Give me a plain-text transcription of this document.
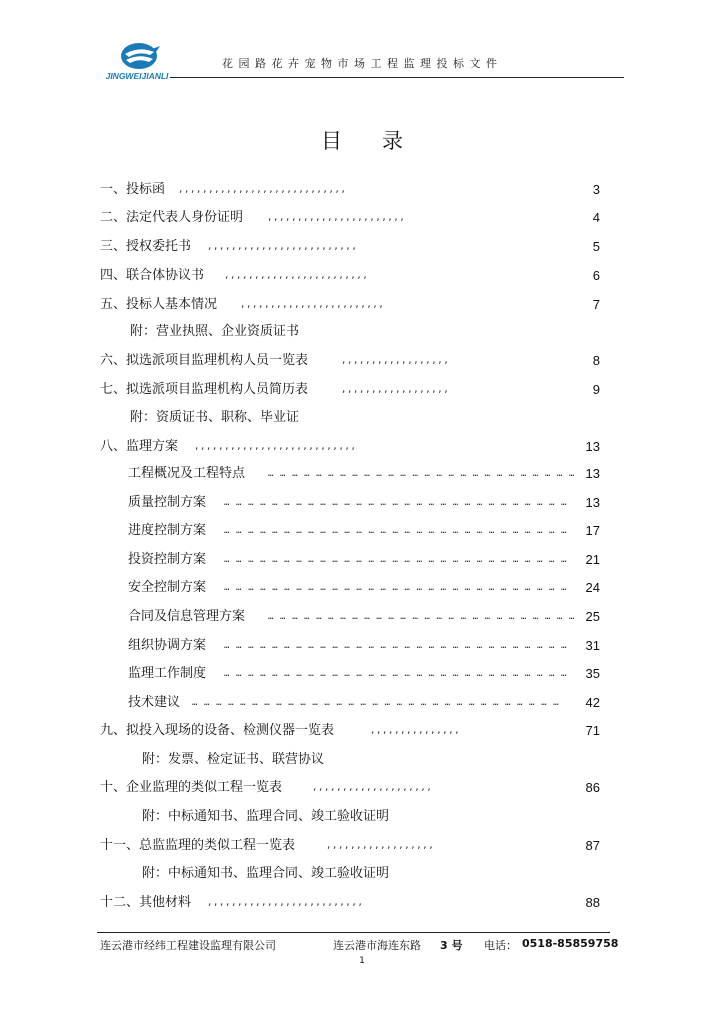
JINGWEIJIANLI
花园路花卉宠物市场工程监理投标文件
目录
一、投标函 ,,,,,,,,,,,,,,,,,,,,,,,,,,,,	3
二、法定代表人身份证明	,,,,,,,,,,,,,,,,,,,,,,,	4
三、授权委托书 ,,,,,,,,,,,,,,,,,,,,,,,,,	5
四、联合体协议书 ,,,,,,,,,,,,,,,,,,,,,,,,	6
五、投标人基本情况	,,,,,,,,,,,,,,,,,,,,,,,,	7
附：营业执照、企业资质证书
六、拟选派项目监理机构人员一览表	,,,,,,,,,,,,,,,,,,	8
七、拟选派项目监理机构人员简历表	,,,,,,,,,,,,,,,,,,	9
附：资质证书、职称、毕业证
八、监理方案 ,,,,,,,,,,,,,,,,,,,,,,,,,,,	13
工程概况及工程特点	… … … … … … … … … … … … … … … … … … … … … … … … … … 13
质量控制方案 … … … … … … … … … … … … … … … … … … … … … … … … … … … … …	13
进度控制方案 … … … … … … … … … … … … … … … … … … … … … … … … … … … … …	17
投资控制方案 … … … … … … … … … … … … … … … … … … … … … … … … … … … … …	21
安全控制方案 … … … … … … … … … … … … … … … … … … … … … … … … … … … … …	24
合同及信息管理方案	… … … … … … … … … … … … … … … … … … … … … … … … … … 25
组织协调方案 … … … … … … … … … … … … … … … … … … … … … … … … … … … … …	31
监理工作制度 … … … … … … … … … … … … … … … … … … … … … … … … … … … … …	35
技术建议 … … … … … … … … … … … … … … … … … … … … … … … … … … … … … … …	42
九、拟投入现场的设备、检测仪器一览表	,,,,,,,,,,,,,,,	71
附：发票、检定证书、联营协议
十、企业监理的类似工程一览表	,,,,,,,,,,,,,,,,,,,,	86
附：中标通知书、监理合同、竣工验收证明
十一、总监监理的类似工程一览表	,,,,,,,,,,,,,,,,,,	87
附：中标通知书、监理合同、竣工验收证明
十二、其他材料 ,,,,,,,,,,,,,,,,,,,,,,,,,,	88
连云港市经纬工程建设监理有限公司	连云港市海连东路 3 号 电话： 0518-85859758
1
